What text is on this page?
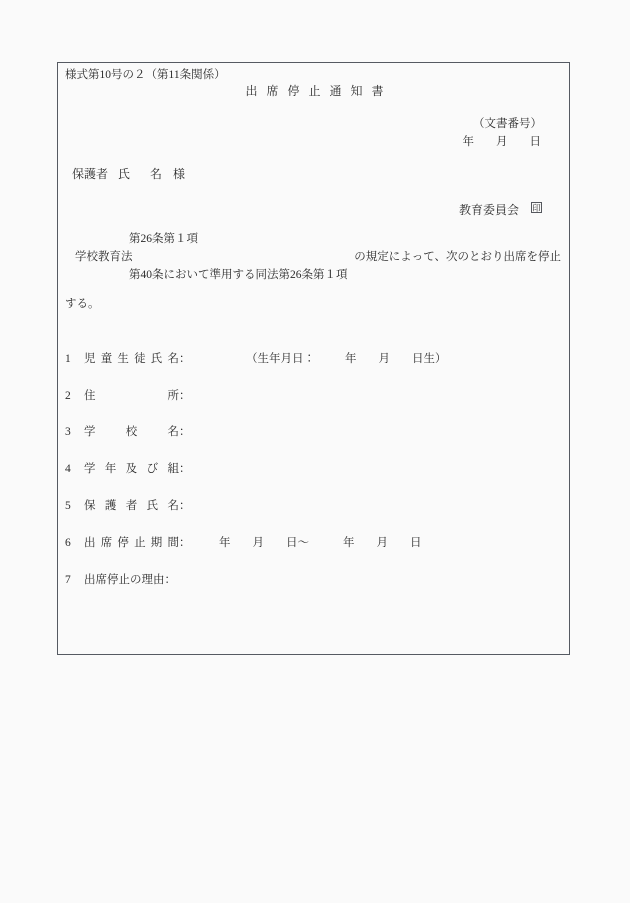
様式第10号の２（第11条関係）
出席停止通知書
（文書番号）
年 月 日
保護者 氏 名 様
教育委員会 印
第26条第１項
学校教育法	の規定によって、次のとおり出席を停止
第40条において準用する同法第26条第１項
する。
1 児童生徒氏名：	（生年月日：	年 月 日生）
2 住所：
3 学校名：
4 学年及び組：
5 保護者氏名：
6 出席停止期間： 年 月 日〜	年 月 日
7 出席停止の理由：
